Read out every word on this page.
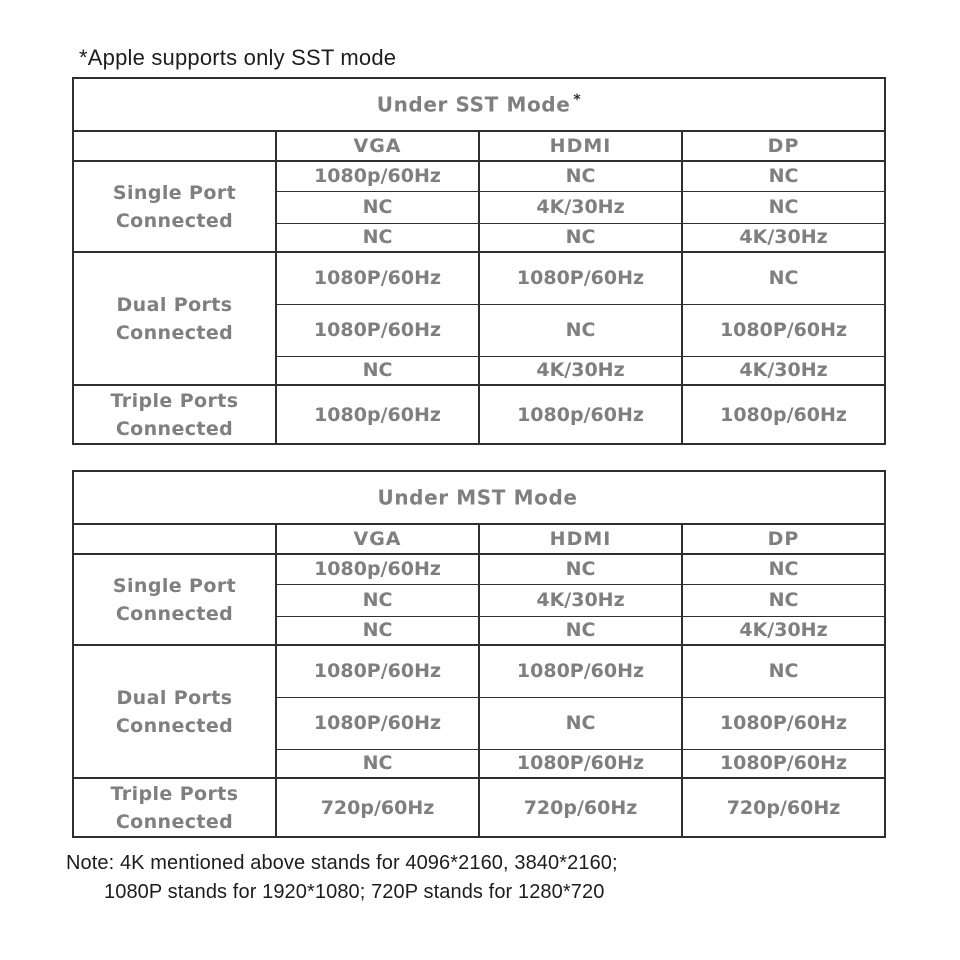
*Apple supports only SST mode
Under SST Mode *
	VGA	HDMI	DP

Single Port
Connected	1080p/60Hz	NC	NC
	NC	4K/30Hz	NC
	NC	NC	4K/30Hz

Dual Ports
Connected	1080P/60Hz	1080P/60Hz	NC
	1080P/60Hz	NC	1080P/60Hz
	NC	4K/30Hz	4K/30Hz

Triple Ports
Connected	1080p/60Hz	1080p/60Hz	1080p/60Hz
Under MST Mode			
	VGA	HDMI	DP

Single Port
Connected	1080p/60Hz	NC	NC
	NC	4K/30Hz	NC
	NC	NC	4K/30Hz

Dual Ports
Connected	1080P/60Hz	1080P/60Hz	NC
	1080P/60Hz	NC	1080P/60Hz
	NC	1080P/60Hz	1080P/60Hz

Triple Ports
Connected	720p/60Hz	720p/60Hz	720p/60Hz
Note: 4K mentioned above stands for 4096*2160, 3840*2160;
1080P stands for 1920*1080; 720P stands for 1280*720
